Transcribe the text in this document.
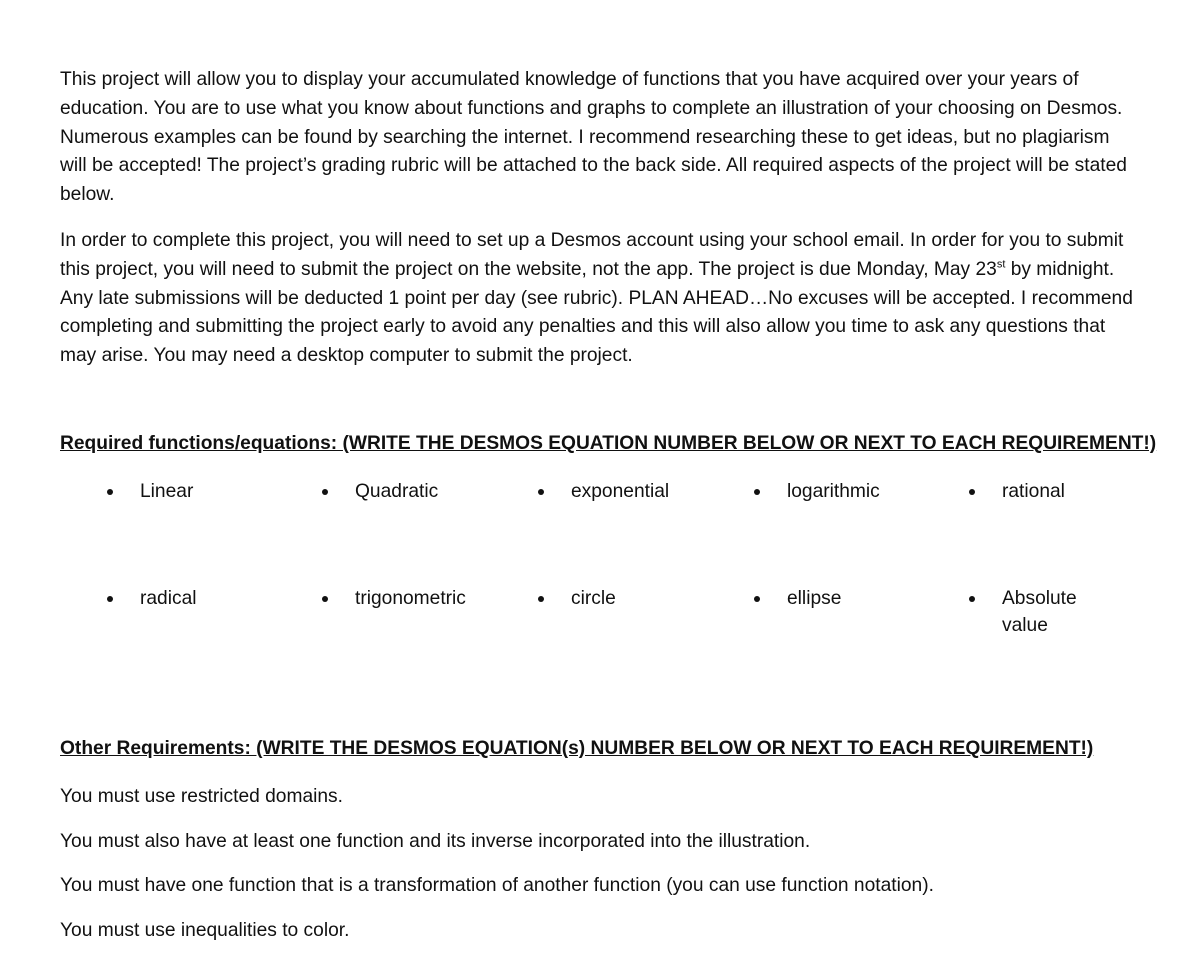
This project will allow you to display your accumulated knowledge of functions that you have acquired over your years of education. You are to use what you know about functions and graphs to complete an illustration of your choosing on Desmos. Numerous examples can be found by searching the internet. I recommend researching these to get ideas, but no plagiarism will be accepted! The project’s grading rubric will be attached to the back side. All required aspects of the project will be stated below.

In order to complete this project, you will need to set up a Desmos account using your school email. In order for you to submit this project, you will need to submit the project on the website, not the app. The project is due Monday, May 23st by midnight. Any late submissions will be deducted 1 point per day (see rubric). PLAN AHEAD…No excuses will be accepted. I recommend completing and submitting the project early to avoid any penalties and this will also allow you time to ask any questions that may arise. You may need a desktop computer to submit the project.

Required functions/equations: (WRITE THE DESMOS EQUATION NUMBER BELOW OR NEXT TO EACH REQUIREMENT!)

Linear	Quadratic	exponential	logarithmic	rational
radical	trigonometric	circle	ellipse	Absolute value

Other Requirements: (WRITE THE DESMOS EQUATION(s) NUMBER BELOW OR NEXT TO EACH REQUIREMENT!)

You must use restricted domains.

You must also have at least one function and its inverse incorporated into the illustration.

You must have one function that is a transformation of another function (you can use function notation).

You must use inequalities to color.
